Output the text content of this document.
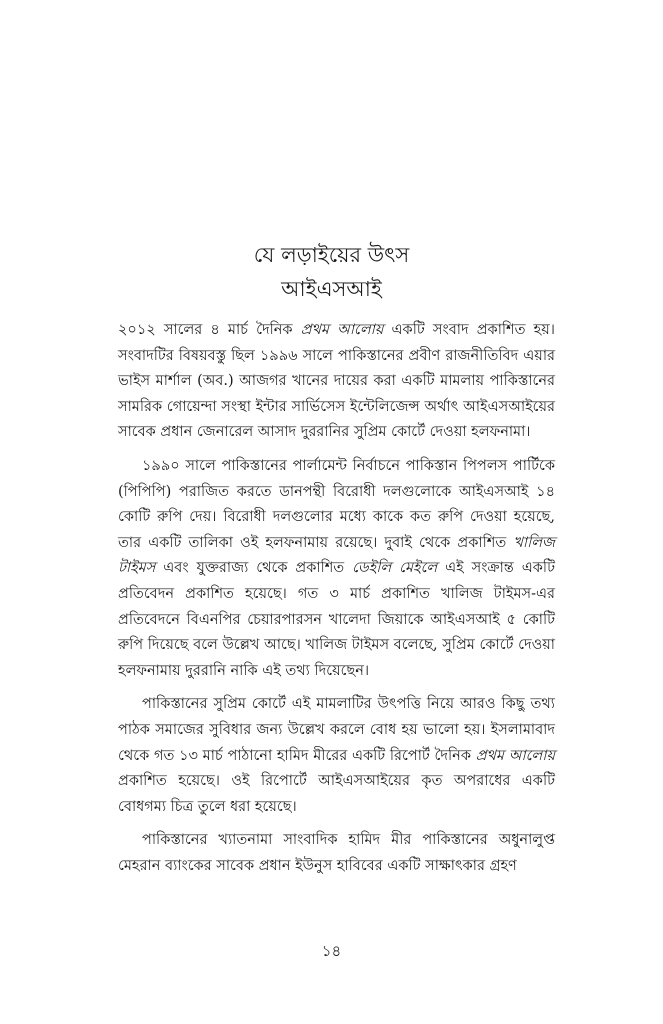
যে লড়াইয়ের উৎস
আইএসআই

২০১২ সালের ৪ মার্চ দৈনিক প্রথম আলোয় একটি সংবাদ প্রকাশিত হয়। সংবাদটির বিষয়বস্তু ছিল ১৯৯৬ সালে পাকিস্তানের প্রবীণ রাজনীতিবিদ এয়ার ভাইস মার্শাল (অব.) আজগর খানের দায়ের করা একটি মামলায় পাকিস্তানের সামরিক গোয়েন্দা সংস্থা ইন্টার সার্ভিসেস ইন্টেলিজেন্স অর্থাৎ আইএসআইয়ের সাবেক প্রধান জেনারেল আসাদ দুররানির সুপ্রিম কোর্টে দেওয়া হলফনামা।

১৯৯০ সালে পাকিস্তানের পার্লামেন্ট নির্বাচনে পাকিস্তান পিপলস পার্টিকে (পিপিপি) পরাজিত করতে ডানপন্থী বিরোধী দলগুলোকে আইএসআই ১৪ কোটি রুপি দেয়। বিরোধী দলগুলোর মধ্যে কাকে কত রুপি দেওয়া হয়েছে, তার একটি তালিকা ওই হলফনামায় রয়েছে। দুবাই থেকে প্রকাশিত খালিজ টাইমস এবং যুক্তরাজ্য থেকে প্রকাশিত ডেইলি মেইলে এই সংক্রান্ত একটি প্রতিবেদন প্রকাশিত হয়েছে। গত ৩ মার্চ প্রকাশিত খালিজ টাইমস-এর প্রতিবেদনে বিএনপির চেয়ারপারসন খালেদা জিয়াকে আইএসআই ৫ কোটি রুপি দিয়েছে বলে উল্লেখ আছে। খালিজ টাইমস বলেছে, সুপ্রিম কোর্টে দেওয়া হলফনামায় দুররানি নাকি এই তথ্য দিয়েছেন।

পাকিস্তানের সুপ্রিম কোর্টে এই মামলাটির উৎপত্তি নিয়ে আরও কিছু তথ্য পাঠক সমাজের সুবিধার জন্য উল্লেখ করলে বোধ হয় ভালো হয়। ইসলামাবাদ থেকে গত ১৩ মার্চ পাঠানো হামিদ মীরের একটি রিপোর্ট দৈনিক প্রথম আলোয় প্রকাশিত হয়েছে। ওই রিপোর্টে আইএসআইয়ের কৃত অপরাধের একটি বোধগম্য চিত্র তুলে ধরা হয়েছে।

পাকিস্তানের খ্যাতনামা সাংবাদিক হামিদ মীর পাকিস্তানের অধুনালুপ্ত মেহরান ব্যাংকের সাবেক প্রধান ইউনুস হাবিবের একটি সাক্ষাৎকার গ্রহণ

১৪
